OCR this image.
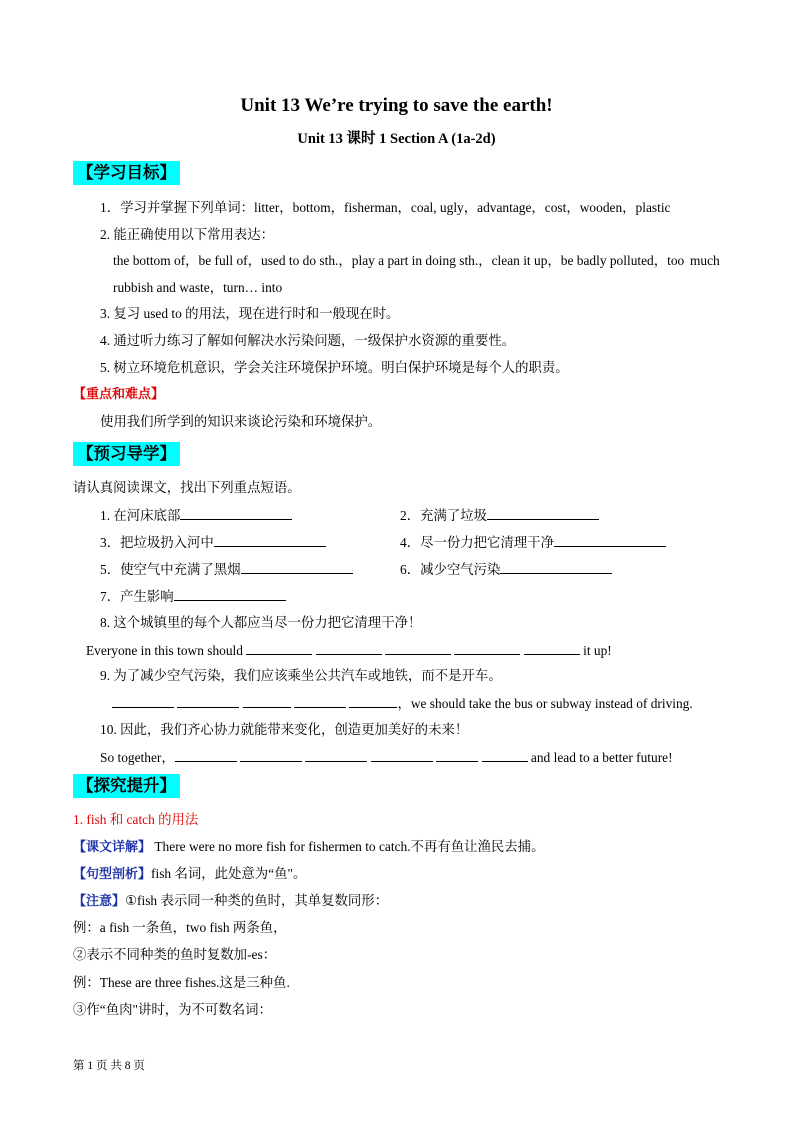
Unit 13 We’re trying to save the earth!
Unit 13 课时 1 Section A (1a-2d)
【学习目标】
1．学习并掌握下列单词：litter，bottom，fisherman，coal, ugly，advantage，cost，wooden，plastic
2. 能正确使用以下常用表达：
the bottom of，be full of，used to do sth.，play a part in doing sth.，clean it up，be badly polluted，too much
rubbish and waste，turn… into
3. 复习 used to 的用法，现在进行时和一般现在时。
4. 通过听力练习了解如何解决水污染问题，一级保护水资源的重要性。
5. 树立环境危机意识，学会关注环境保护环境。明白保护环境是每个人的职责。
【重点和难点】
使用我们所学到的知识来谈论污染和环境保护。
【预习导学】
请认真阅读课文，找出下列重点短语。
1. 在河床底部	2．充满了垃圾
3．把垃圾扔入河中	4．尽一份力把它清理干净
5．使空气中充满了黑烟	6．减少空气污染
7．产生影响
8. 这个城镇里的每个人都应当尽一份力把它清理干净！
Everyone in this town should	it up!
9. 为了减少空气污染，我们应该乘坐公共汽车或地铁，而不是开车。
，we should take the bus or subway instead of driving.
10. 因此，我们齐心协力就能带来变化，创造更加美好的未来！
So together，	and lead to a better future!
【探究提升】
1. fish 和 catch 的用法
【课文详解】 There were no more fish for fishermen to catch.不再有鱼让渔民去捕。
【句型剖析】fish 名词，此处意为“鱼"。
【注意】①fish 表示同一种类的鱼时，其单复数同形：
例：a fish 一条鱼，two fish 两条鱼，
②表示不同种类的鱼时复数加-es：
例：These are three fishes.这是三种鱼.
③作“鱼肉"讲时，为不可数名词：
第 1 页 共 8 页
